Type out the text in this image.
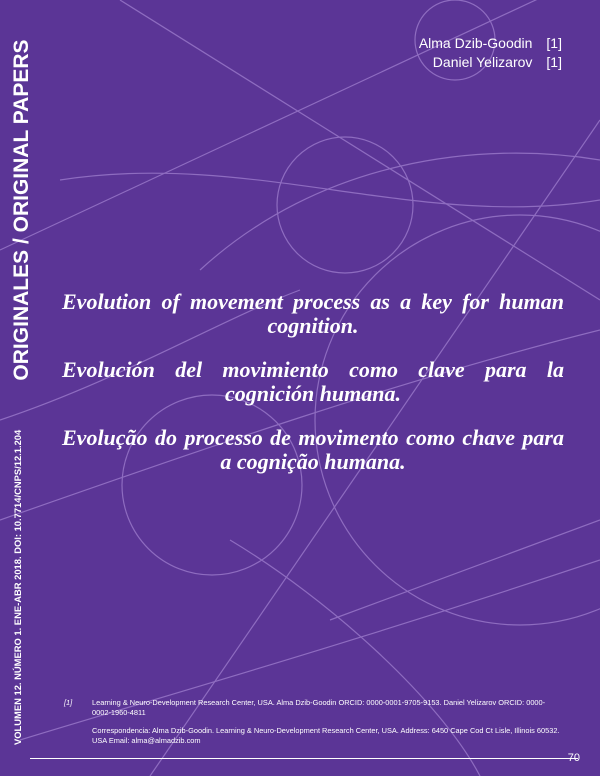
ORIGINALES / ORIGINAL PAPERS
VOLUMEN 12. NÚMERO 1. ENE-ABR 2018. DOI: 10.7714/CNPS/12.1.204
Alma Dzib-Goodin [1]
Daniel Yelizarov [1]

Evolution of movement process as a key for human cognition.

Evolución del movimiento como clave para la cognición humana.

Evolução do processo de movimento como chave para a cognição humana.

[1]	Learning & Neuro-Development Research Center, USA. Alma Dzib-Goodin ORCID: 0000-0001-9705-9153. Daniel Yelizarov ORCID: 0000-0002-1960-4811

Correspondencia: Alma Dzib-Goodin. Learning & Neuro-Development Research Center, USA. Address: 6450 Cape Cod Ct Lisle, Illinois 60532. USA Email: alma@almadzib.com

70
